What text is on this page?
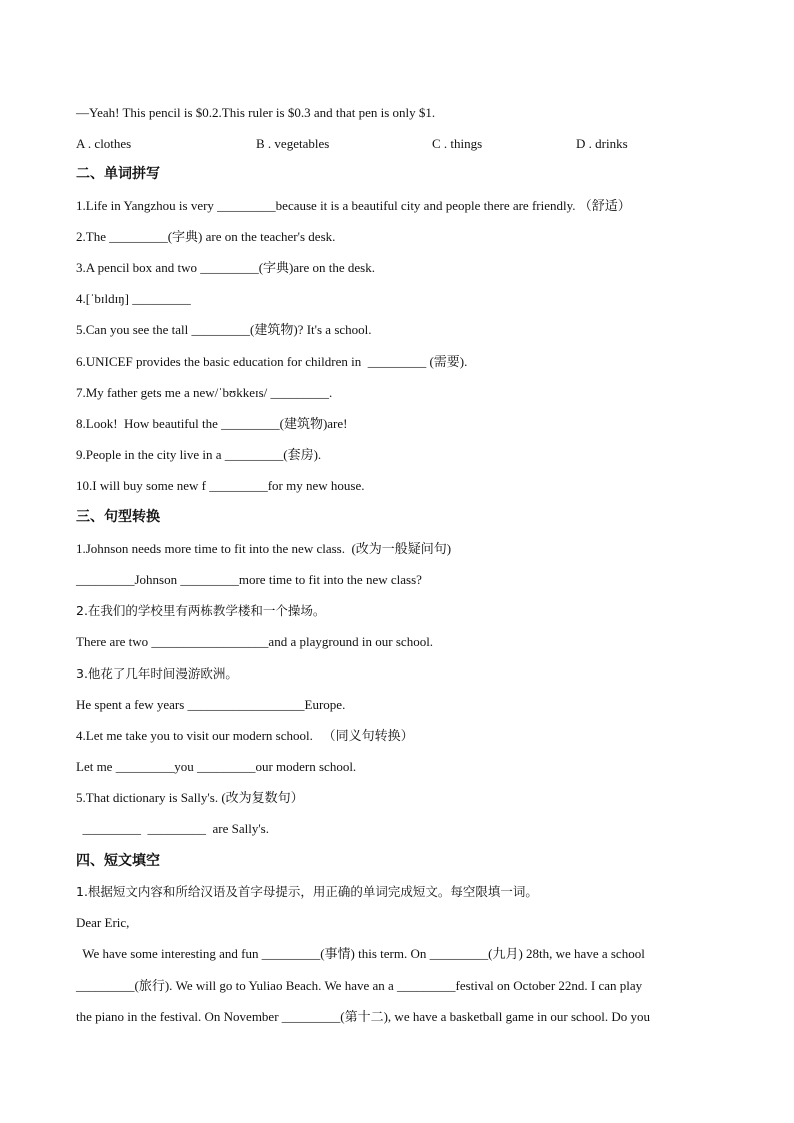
—Yeah! This pencil is $0.2.This ruler is $0.3 and that pen is only $1.

A . clothes

	B . vegetables

	C . things

	D . drinks

二、单词拼写
1.Life in Yangzhou is very _________because it is a beautiful city and people there are friendly. （舒适）
2.The _________(字典) are on the teacher's desk.
3.A pencil box and two _________(字典)are on the desk.
4.[ˈbɪldɪŋ] _________
5.Can you see the tall _________(建筑物)? It's a school.
6.UNICEF provides the basic education for children in  _________ (需要).
7.My father gets me a new/ˈbʊkkeɪs/ _________.
8.Look!  How beautiful the _________(建筑物)are!
9.People in the city live in a _________(套房).
10.I will buy some new f _________for my new house.
三、句型转换
1.Johnson needs more time to fit into the new class.  (改为一般疑问句)
_________Johnson _________more time to fit into the new class?
2.在我们的学校里有两栋教学楼和一个操场。
There are two __________________and a playground in our school.
3.他花了几年时间漫游欧洲。
He spent a few years __________________Europe.
4.Let me take you to visit our modern school.   （同义句转换）
Let me _________you _________our modern school.
5.That dictionary is Sally's. (改为复数句）
_________  _________  are Sally's.
四、短文填空
1.根据短文内容和所给汉语及首字母提示，用正确的单词完成短文。每空限填一词。
Dear Eric,
We have some interesting and fun _________(事情) this term. On _________(九月) 28th, we have a school
_________(旅行). We will go to Yuliao Beach. We have an a _________festival on October 22nd. I can play
the piano in the festival. On November _________(第十二), we have a basketball game in our school. Do you
